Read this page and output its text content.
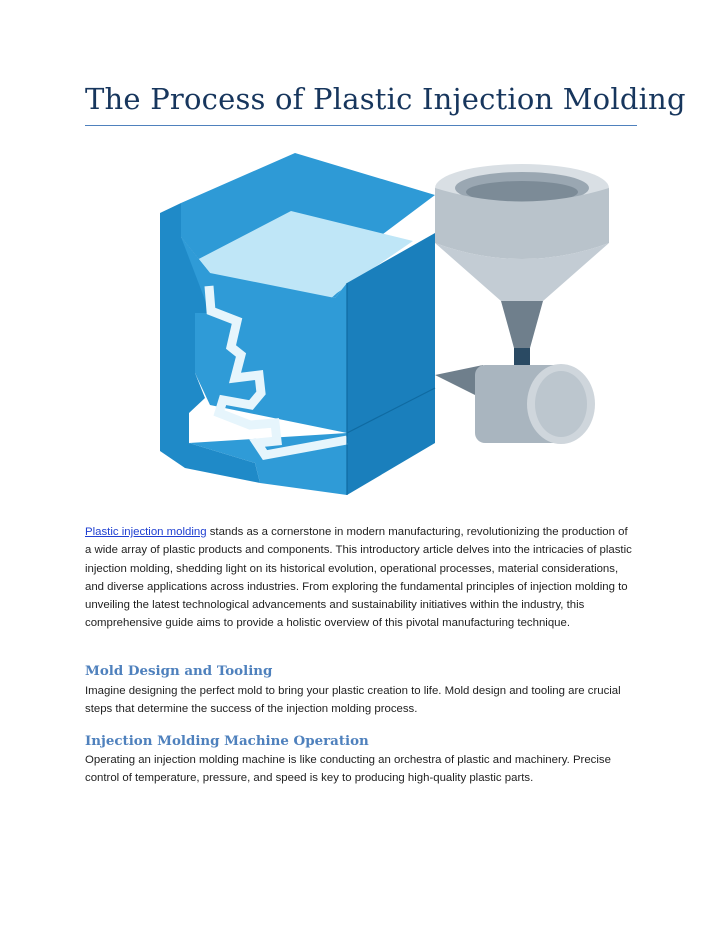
The Process of Plastic Injection Molding

Plastic injection molding stands as a cornerstone in modern manufacturing, revolutionizing the production of a wide array of plastic products and components. This introductory article delves into the intricacies of plastic injection molding, shedding light on its historical evolution, operational processes, material considerations, and diverse applications across industries. From exploring the fundamental principles of injection molding to unveiling the latest technological advancements and sustainability initiatives within the industry, this comprehensive guide aims to provide a holistic overview of this pivotal manufacturing technique.

Mold Design and Tooling

Imagine designing the perfect mold to bring your plastic creation to life. Mold design and tooling are crucial steps that determine the success of the injection molding process.

Injection Molding Machine Operation

Operating an injection molding machine is like conducting an orchestra of plastic and machinery. Precise control of temperature, pressure, and speed is key to producing high-quality plastic parts.
